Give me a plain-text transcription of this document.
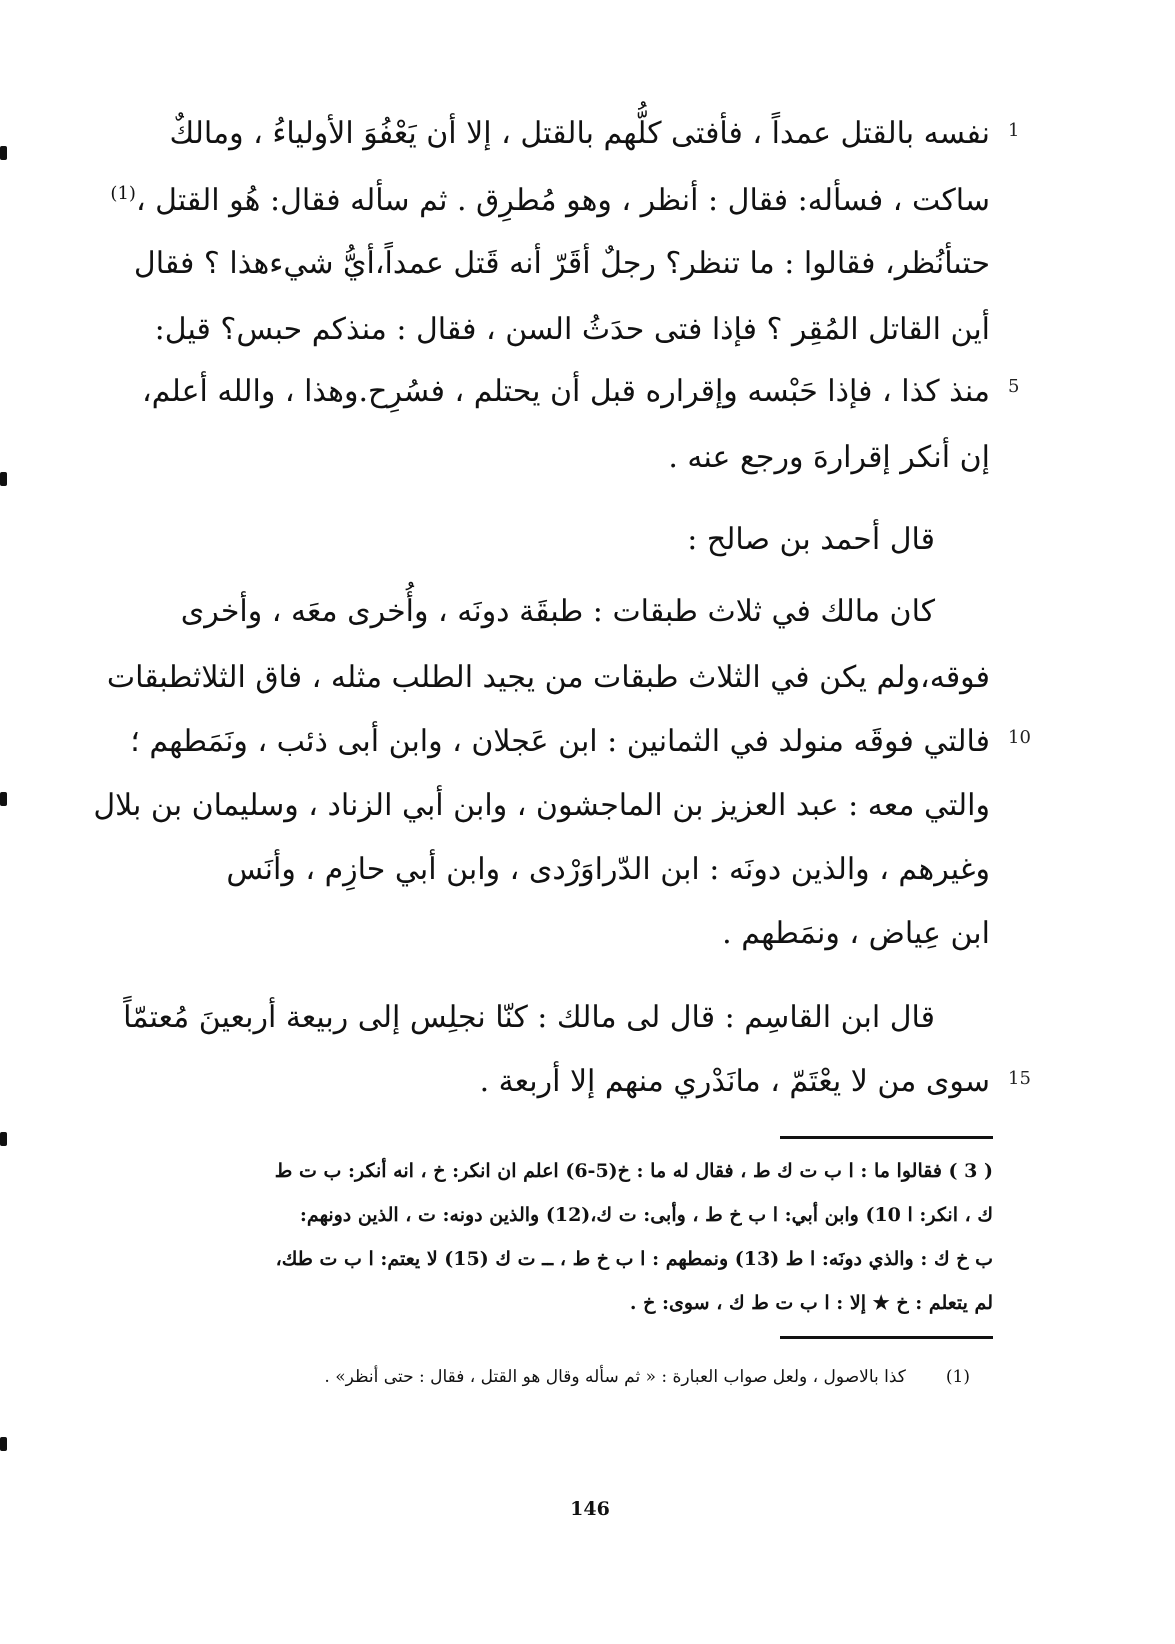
1
5
10
15
نفسه بالقتل عمداً ، فأفتى كلُّهم بالقتل ، إلا أن يَعْفُوَ الأولياءُ ، ومالكٌ
ساكت ، فسأله: فقال : أنظر ، وهو مُطرِق . ثم سأله فقال: هُو القتل ،$^{(1)}$
حتىأنُظر، فقالوا : ما تنظر؟ رجلٌ أقَرّ أنه قَتل عمداً،أيُّ شيءهذا ؟ فقال
أين القاتل المُقِر ؟ فإذا فتى حدَثُ السن ، فقال : منذكم حبس؟ قيل:
منذ كذا ، فإذا حَبْسه وإقراره قبل أن يحتلم ، فسُرِح.وهذا ، والله أعلم،
إن أنكر إقرارهَ ورجع عنه .
قال أحمد بن صالح :
كان مالك في ثلاث طبقات : طبقَة دونَه ، وأُخرى معَه ، وأخرى
فوقه،ولم يكن في الثلاث طبقات من يجيد الطلب مثله ، فاق الثلاثطبقات
فالتي فوقَه منولد في الثمانين : ابن عَجلان ، وابن أبى ذئب ، ونَمَطهم ؛
والتي معه : عبد العزيز بن الماجشون ، وابن أبي الزناد ، وسليمان بن بلال
وغيرهم ، والذين دونَه : ابن الدّراوَرْدى ، وابن أبي حازِم ، وأنَس
ابن عِياض ، ونمَطهم .
قال ابن القاسِم : قال لى مالك : كنّا نجلِس إلى ربيعة أربعينَ مُعتمّاً
سوى من لا يعْتَمّ ، مانَدْري منهم إلا أربعة .
( 3 ) فقالوا ما : ا ب ت ك ط ، فقال له ما : خ(5-6) اعلم ان انكر: خ ، انه أنكر: ب ت ط
ك ، انكر: ا 10) وابن أبي: ا ب خ ط ، وأبى: ت ك،(12) والذين دونه: ت ، الذين دونهم:
ب خ ك : والذي دونَه: ا ط (13) ونمطهم : ا ب خ ط ، ــ ت ك (15) لا يعتم: ا ب ت طك،
لم يتعلم : خ ★ إلا : ا ب ت ط ك ، سوى: خ .
(1)كذا بالاصول ، ولعل صواب العبارة : « ثم سأله وقال هو القتل ، فقال : حتى أنظر» .
146
